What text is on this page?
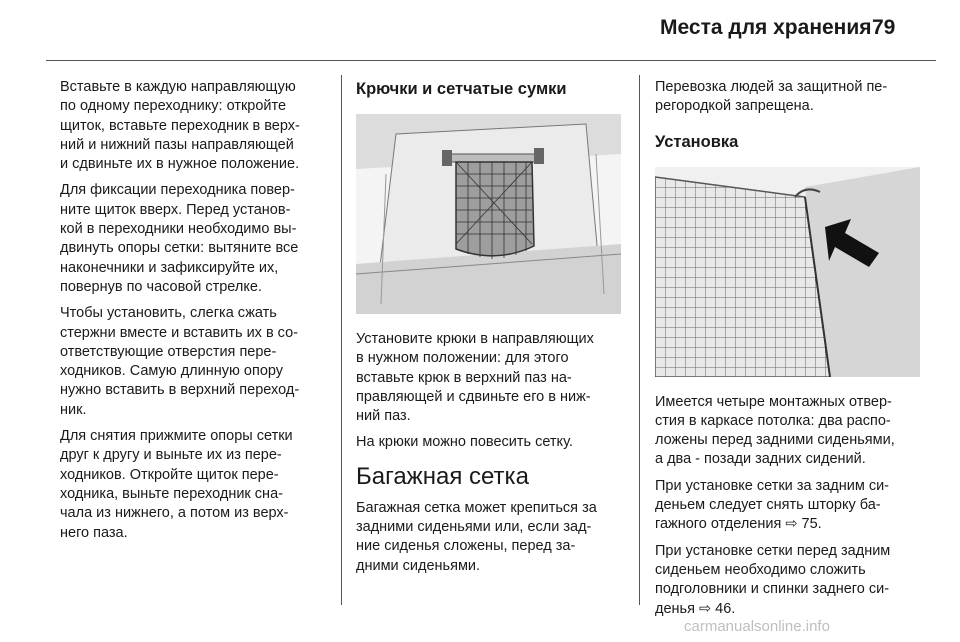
Места для хранения 79

Вставьте в каждую направляющую
по одному переходнику: откройте
щиток, вставьте переходник в верх-
ний и нижний пазы направляющей
и сдвиньте их в нужное положение.

Для фиксации переходника повер-
ните щиток вверх. Перед установ-
кой в переходники необходимо вы-
двинуть опоры сетки: вытяните все
наконечники и зафиксируйте их,
повернув по часовой стрелке.

Чтобы установить, слегка сжать
стержни вместе и вставить их в со-
ответствующие отверстия пере-
ходников. Самую длинную опору
нужно вставить в верхний переход-
ник.

Для снятия прижмите опоры сетки
друг к другу и выньте их из пере-
ходников. Откройте щиток пере-
ходника, выньте переходник сна-
чала из нижнего, а потом из верх-
него паза.

Крючки и сетчатые сумки

Установите крюки в направляющих
в нужном положении: для этого
вставьте крюк в верхний паз на-
правляющей и сдвиньте его в ниж-
ний паз.

На крюки можно повесить сетку.

Багажная сетка

Багажная сетка может крепиться за
задними сиденьями или, если зад-
ние сиденья сложены, перед за-
дними сиденьями.

Перевозка людей за защитной пе-
регородкой запрещена.

Установка

Имеется четыре монтажных отвер-
стия в каркасе потолка: два распо-
ложены перед задними сиденьями,
а два - позади задних сидений.

При установке сетки за задним си-
деньем следует снять шторку ба-
гажного отделения ⇨ 75.

При установке сетки перед задним
сиденьем необходимо сложить
подголовники и спинки заднего си-
денья ⇨ 46.

carmanualsonline.info
